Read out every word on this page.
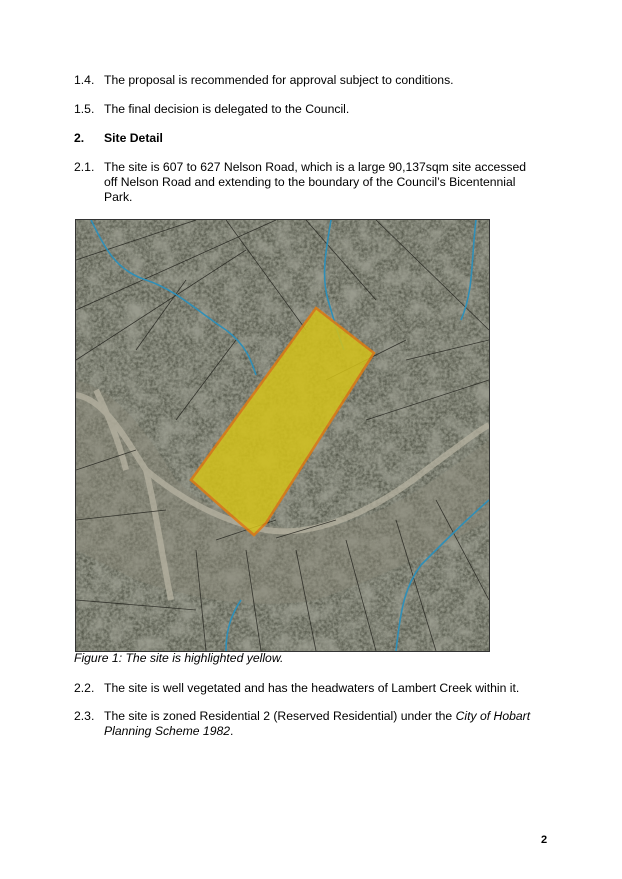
1.4. The proposal is recommended for approval subject to conditions.
1.5. The final decision is delegated to the Council.
2. Site Detail
2.1. The site is 607 to 627 Nelson Road, which is a large 90,137sqm site accessed
off Nelson Road and extending to the boundary of the Council’s Bicentennial
Park.
Figure 1: The site is highlighted yellow.
2.2. The site is well vegetated and has the headwaters of Lambert Creek within it.
2.3. The site is zoned Residential 2 (Reserved Residential) under the City of Hobart
Planning Scheme 1982.
2
